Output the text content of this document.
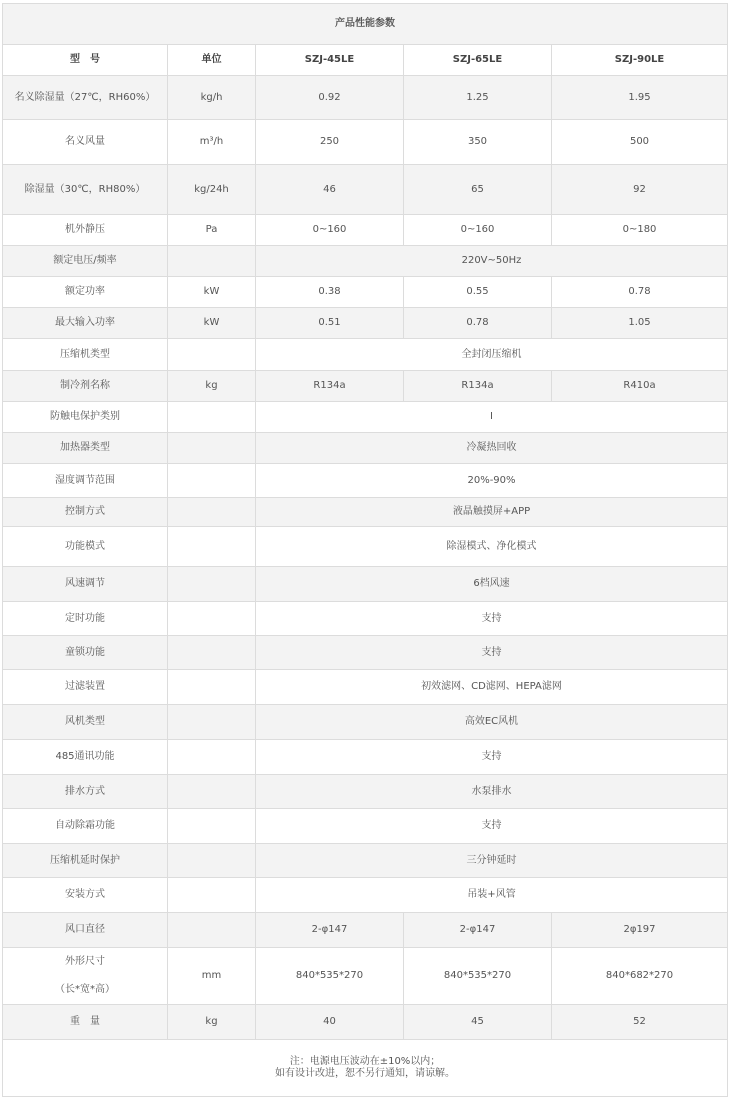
产品性能参数				
型　号	单位	SZJ-45LE	SZJ-65LE	SZJ-90LE
名义除湿量（27℃，RH60%）	kg/h	0.92	1.25	1.95
名义风量	m³/h	250	350	500
除湿量（30℃，RH80%）	kg/24h	46	65	92
机外静压	Pa	0~160	0~160	0~180
额定电压/频率		220V~50Hz		
额定功率	kW	0.38	0.55	0.78
最大输入功率	kW	0.51	0.78	1.05
压缩机类型		全封闭压缩机		
制冷剂名称	kg	R134a	R134a	R410a
防触电保护类别		I		
加热器类型		冷凝热回收		
湿度调节范围		20%-90%		
控制方式		液晶触摸屏+APP		
功能模式		除湿模式、净化模式		
风速调节		6档风速		
定时功能		支持		
童锁功能		支持		
过滤装置		初效滤网、CD滤网、HEPA滤网		
风机类型		高效EC风机		
485通讯功能		支持		
排水方式		水泵排水		
自动除霜功能		支持		
压缩机延时保护		三分钟延时		
安装方式		吊装+风管		
风口直径		2-φ147	2-φ147	2φ197

外形尺寸
（长*宽*高）	mm	840*535*270	840*535*270	840*682*270
重　量	kg	40	45	52

注：电源电压波动在±10%以内；
如有设计改进，恕不另行通知，请谅解。				
